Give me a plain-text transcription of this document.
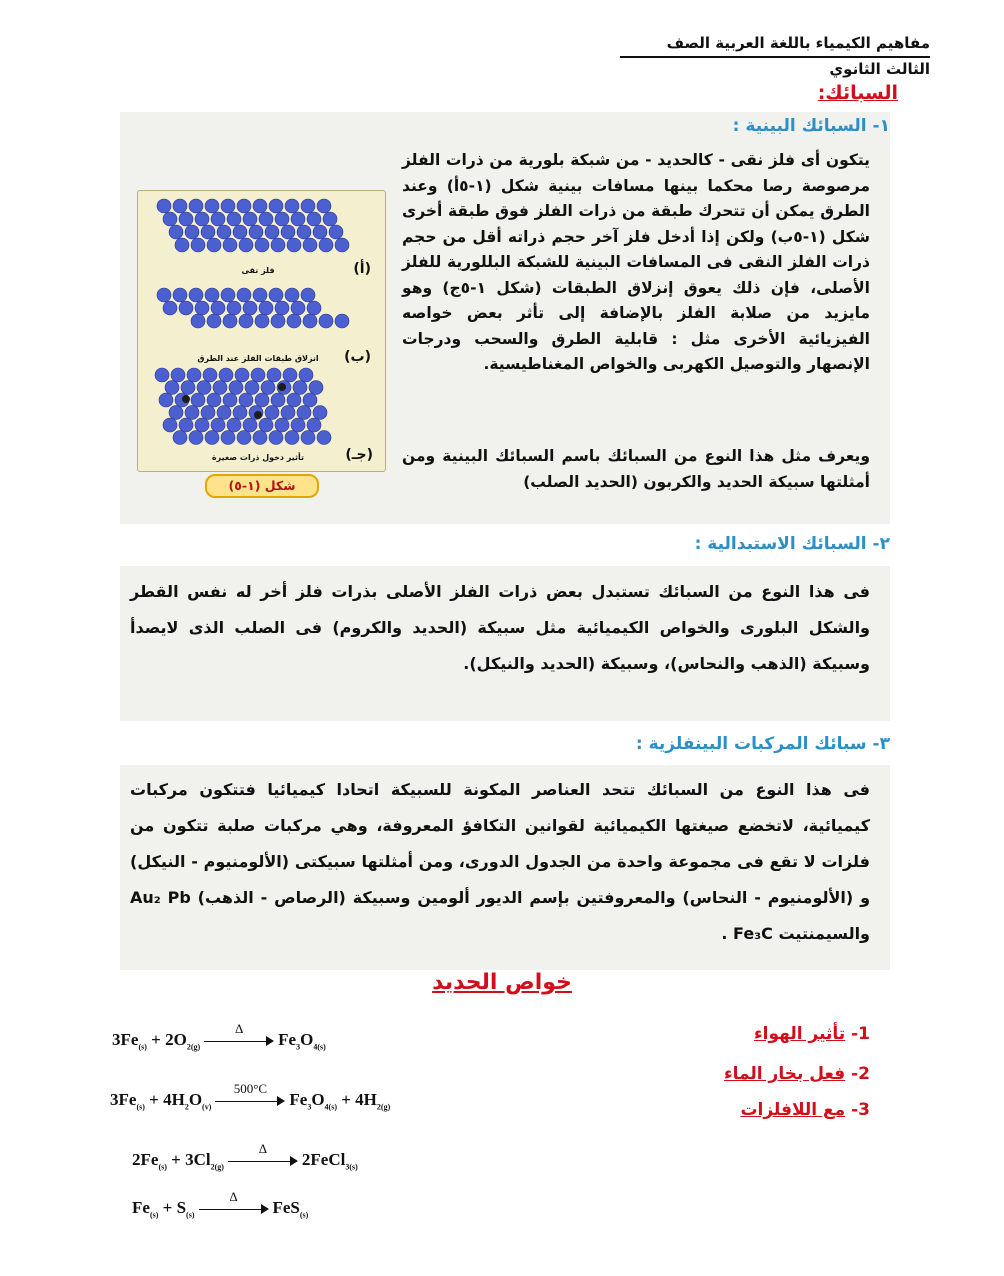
مفاهيم الكيمياء باللغة العربية الصف الثالث الثانوي
السبائك:
١- السبائك البينية :
يتكون أى فلز نقى - كالحديد - من شبكة بلورية من ذرات الفلز مرصوصة رصا محكما بينها مسافات بينية شكل (١-٥أ) وعند الطرق يمكن أن تتحرك طبقة من ذرات الفلز فوق طبقة أخرى شكل (١-٥ب) ولكن إذا أدخل فلز آخر حجم ذراته أقل من حجم ذرات الفلز النقى فى المسافات البينية للشبكة البللورية للفلز الأصلى، فإن ذلك يعوق إنزلاق الطبقات (شكل ١-٥ج) وهو مايزيد من صلابة الفلز بالإضافة إلى تأثر بعض خواصه الفيزيائية الأخرى مثل : قابلية الطرق والسحب ودرجات الإنصهار والتوصيل الكهربى والخواص المغناطيسية.
ويعرف مثل هذا النوع من السبائك باسم السبائك البينية ومن أمثلتها سبيكة الحديد والكربون (الحديد الصلب)
(أ)
فلز نقى
(ب)
انزلاق طبقات الفلز عند الطرق
(جـ)
تأثير دخول ذرات صغيرة
شكل (١-٥)
٢- السبائك الاستبدالية :
فى هذا النوع من السبائك تستبدل بعض ذرات الفلز الأصلى بذرات فلز أخر له نفس القطر والشكل البلورى والخواص الكيميائية مثل سبيكة (الحديد والكروم) فى الصلب الذى لايصدأ وسبيكة (الذهب والنحاس)، وسبيكة (الحديد والنيكل).
٣- سبائك المركبات البينفلزية :
فى هذا النوع من السبائك تتحد العناصر المكونة للسبيكة اتحادا كيميائيا فتتكون مركبات كيميائية، لاتخضع صيغتها الكيميائية لقوانين التكافؤ المعروفة، وهي مركبات صلبة تتكون من فلزات لا تقع فى مجموعة واحدة من الجدول الدورى، ومن أمثلتها سبيكتى (الألومنيوم - النيكل) و (الألومنيوم - النحاس) والمعروفتين بإسم الديور ألومين وسبيكة (الرصاص - الذهب) Au₂ Pb والسيمنتيت Fe₃C .
خواص الحديد
1- تأثير الهواء
2- فعل بخار الماء
3- مع اللافلزات
$3Fe_{(s)} + 2O_{2(g)}$
Δ
$Fe_3O_{4(s)}$
$3Fe_{(s)} + 4H_2O_{(v)}$
500°C
$Fe_3O_{4(s)} + 4H_{2(g)}$
$2Fe_{(s)} + 3Cl_{2(g)}$
Δ
2FeCl$_{3(s)}$
$Fe_{(s)} + S_{(s)}$
Δ
FeS$_{(s)}$
